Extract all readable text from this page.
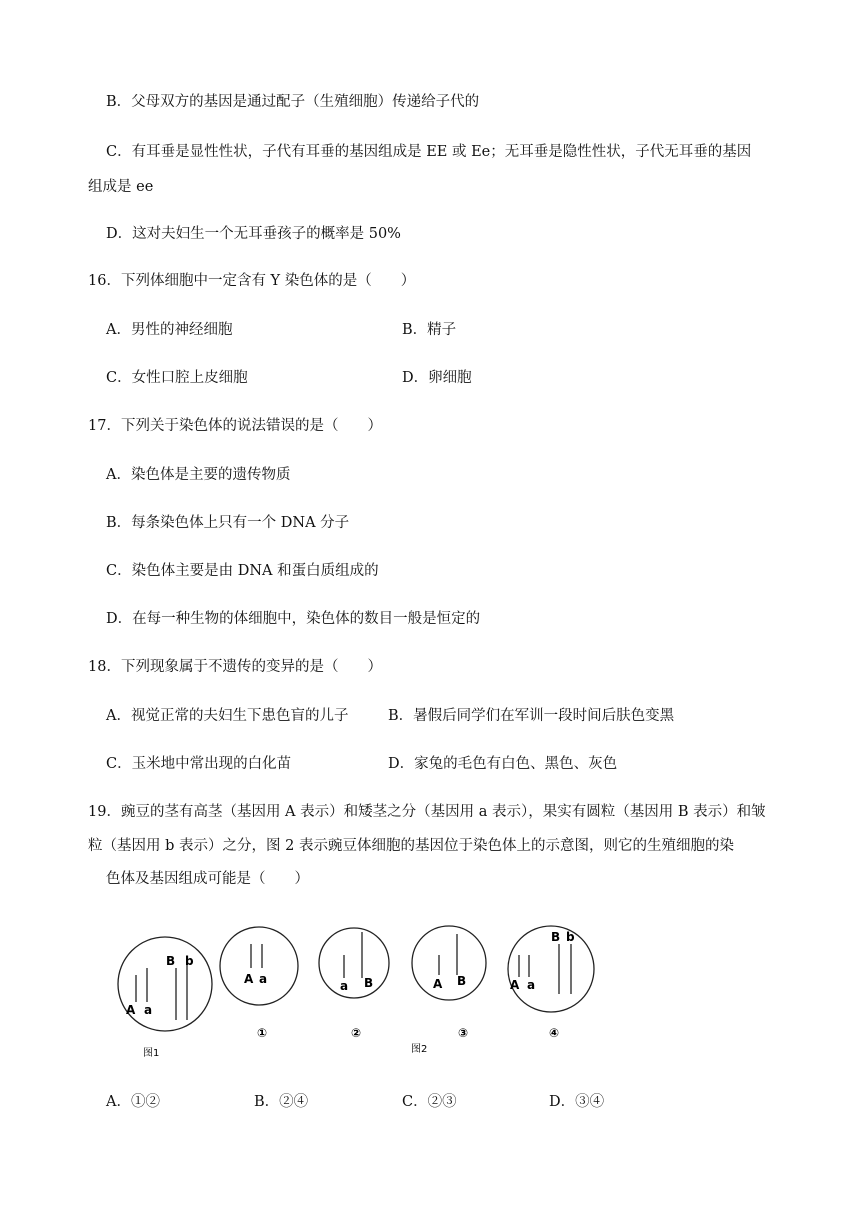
B．父母双方的基因是通过配子（生殖细胞）传递给子代的
C．有耳垂是显性性状，子代有耳垂的基因组成是 EE 或 Ee；无耳垂是隐性性状，子代无耳垂的基因
组成是 ee
D．这对夫妇生一个无耳垂孩子的概率是 50%
16．下列体细胞中一定含有 Y 染色体的是（　　）
A．男性的神经细胞	B．精子
C．女性口腔上皮细胞	D．卵细胞
17．下列关于染色体的说法错误的是（　　）
A．染色体是主要的遗传物质
B．每条染色体上只有一个 DNA 分子
C．染色体主要是由 DNA 和蛋白质组成的
D．在每一种生物的体细胞中，染色体的数目一般是恒定的
18．下列现象属于不遗传的变异的是（　　）
A．视觉正常的夫妇生下患色盲的儿子	B．暑假后同学们在军训一段时间后肤色变黑
C．玉米地中常出现的白化苗	D．家兔的毛色有白色、黑色、灰色
19．豌豆的茎有高茎（基因用 A 表示）和矮茎之分（基因用 a 表示），果实有圆粒（基因用 B 表示）和皱
粒（基因用 b 表示）之分，图 2 表示豌豆体细胞的基因位于染色体上的示意图，则它的生殖细胞的染
色体及基因组成可能是（　　）
A a
B b
图1
A a
①
a B
②
A B
③
A a
B b
④
图2
A．①②	B．②④	C．②③	D．③④
